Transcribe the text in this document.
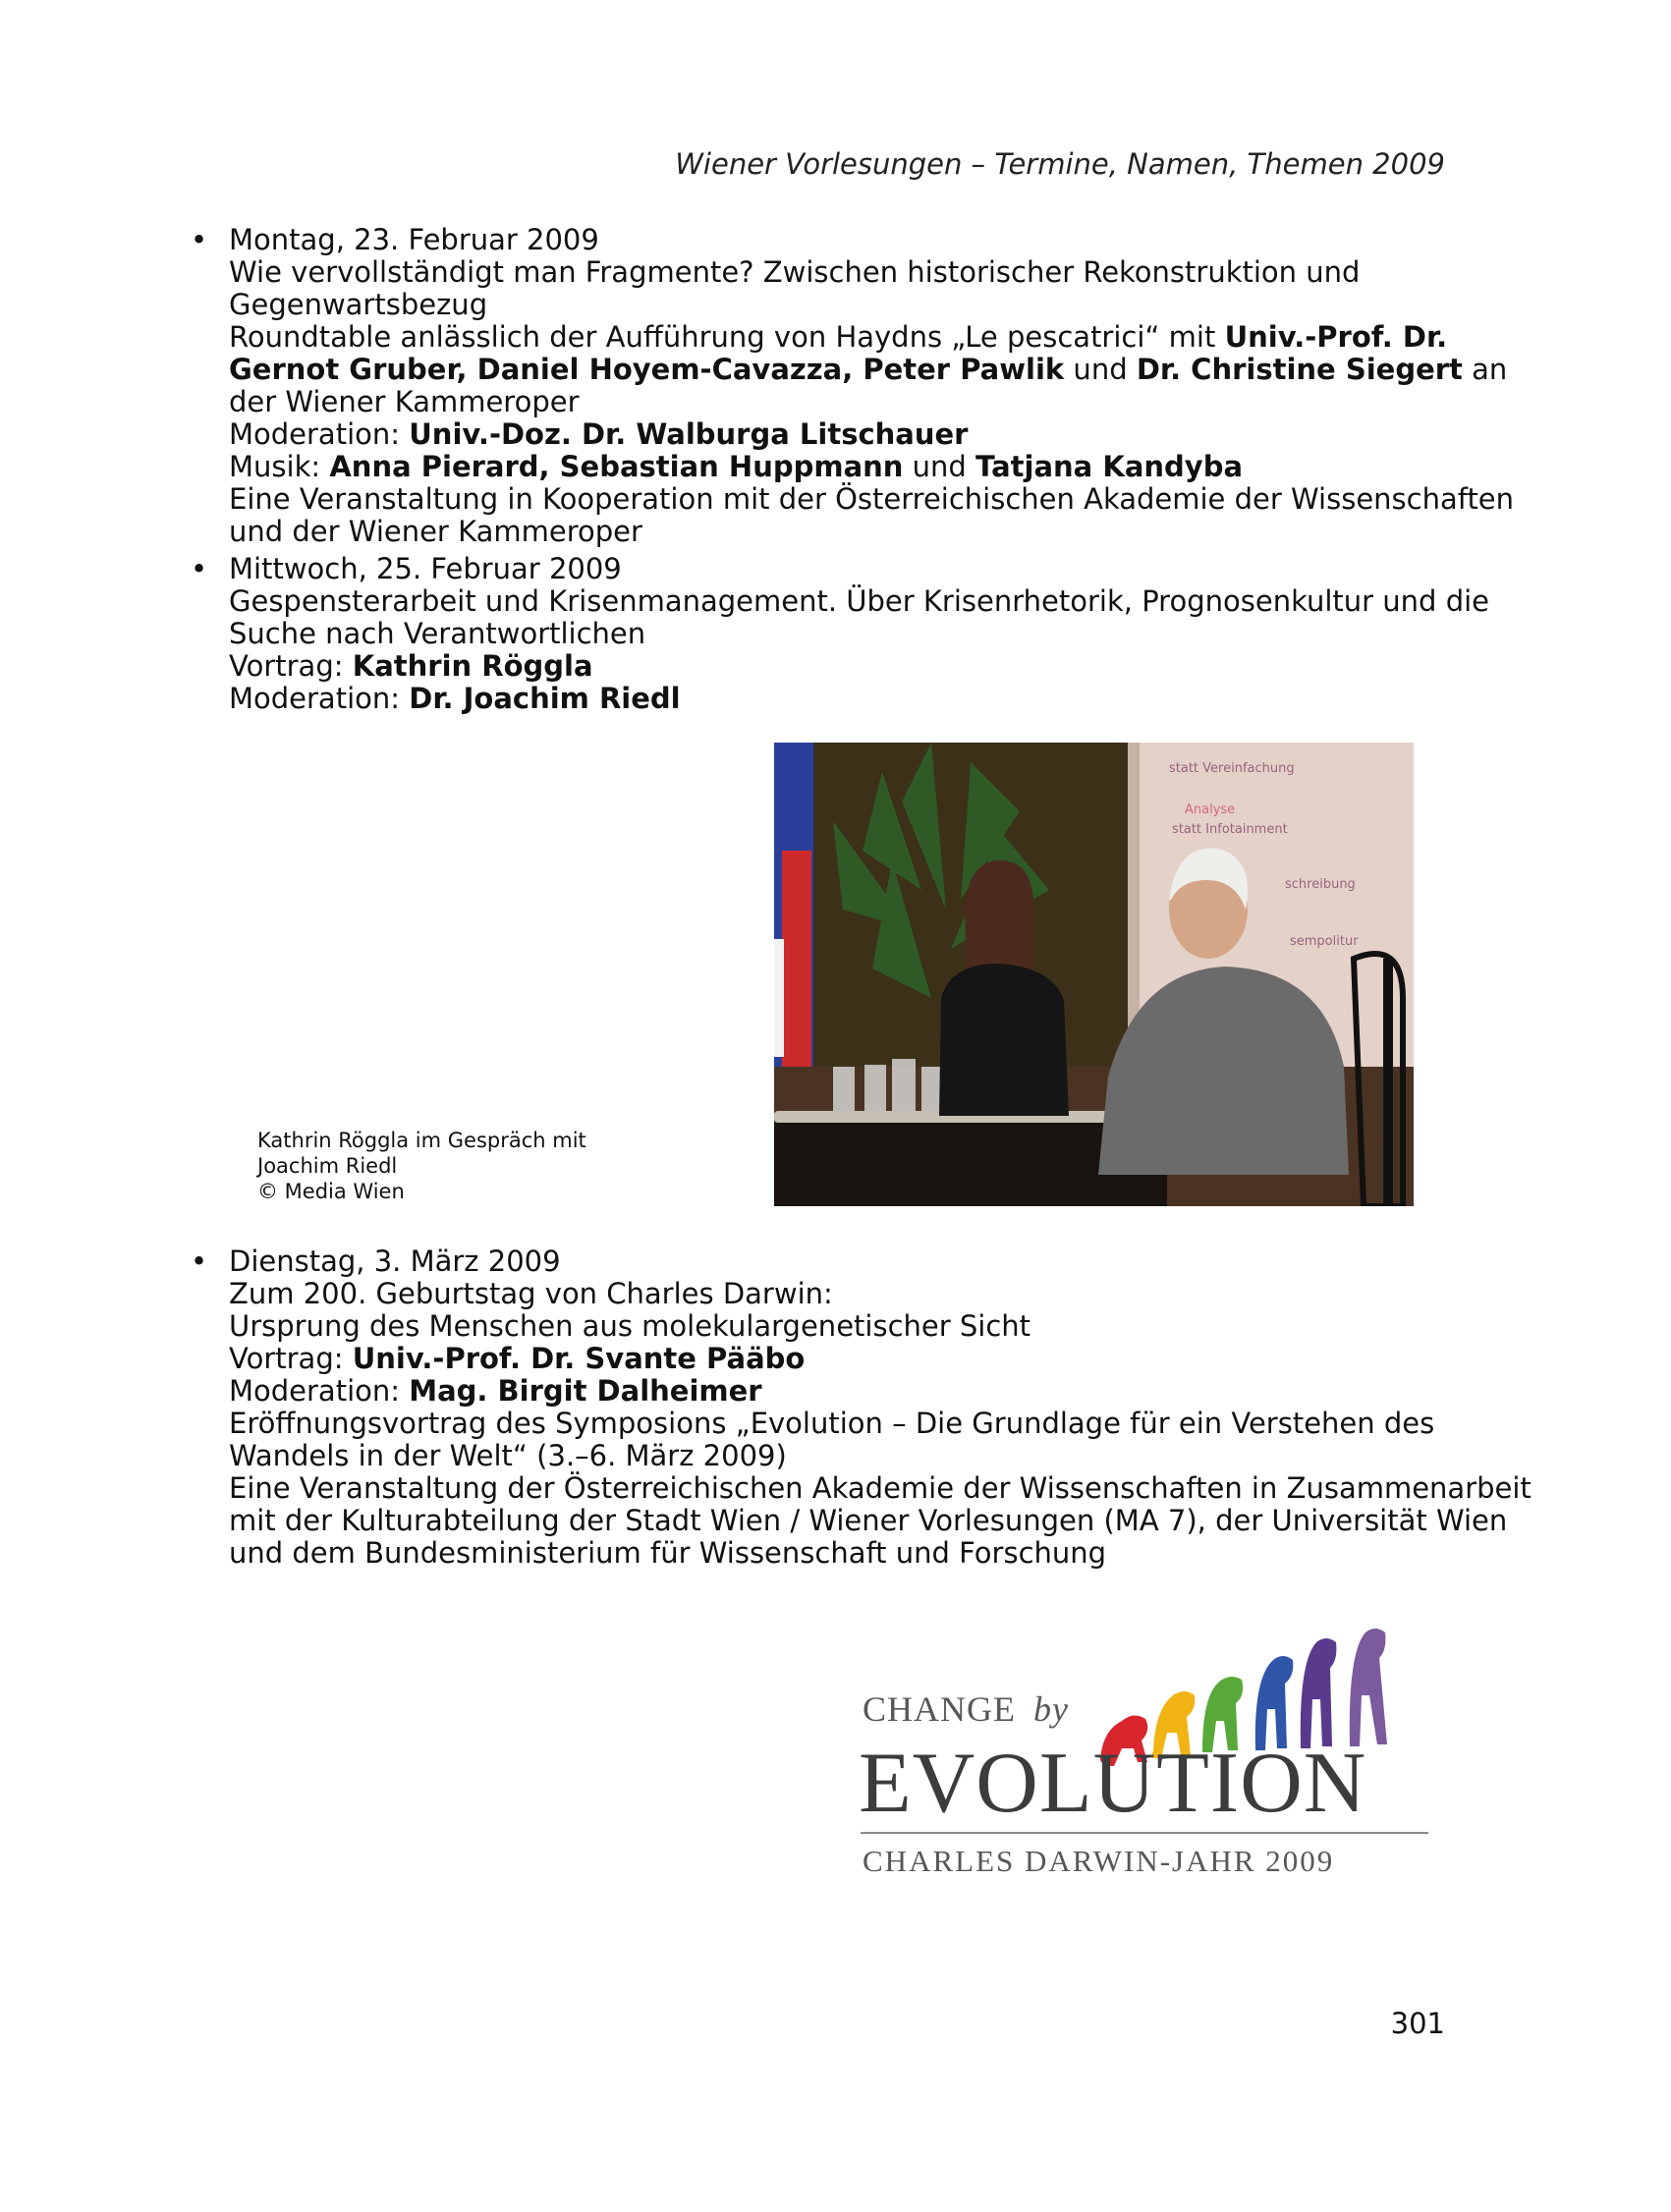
Wiener Vorlesungen – Termine, Namen, Themen 2009
• Montag, 23. Februar 2009
Wie vervollständigt man Fragmente? Zwischen historischer Rekonstruktion und
Gegenwartsbezug
Roundtable anlässlich der Aufführung von Haydns „Le pescatrici“ mit Univ.-Prof. Dr.
Gernot Gruber, Daniel Hoyem-Cavazza, Peter Pawlik und Dr. Christine Siegert an
der Wiener Kammeroper
Moderation: Univ.-Doz. Dr. Walburga Litschauer
Musik: Anna Pierard, Sebastian Huppmann und Tatjana Kandyba
Eine Veranstaltung in Kooperation mit der Österreichischen Akademie der Wissenschaften
und der Wiener Kammeroper
• Mittwoch, 25. Februar 2009
Gespensterarbeit und Krisenmanagement. Über Krisenrhetorik, Prognosenkultur und die
Suche nach Verantwortlichen
Vortrag: Kathrin Röggla
Moderation: Dr. Joachim Riedl
Kathrin Röggla im Gespräch mit
Joachim Riedl
© Media Wien
statt Vereinfachung
Analyse
statt Infotainment
schreibung
sempolitur
• Dienstag, 3. März 2009
Zum 200. Geburtstag von Charles Darwin:
Ursprung des Menschen aus molekulargenetischer Sicht
Vortrag: Univ.-Prof. Dr. Svante Pääbo
Moderation: Mag. Birgit Dalheimer
Eröffnungsvortrag des Symposions „Evolution – Die Grundlage für ein Verstehen des
Wandels in der Welt“ (3.–6. März 2009)
Eine Veranstaltung der Österreichischen Akademie der Wissenschaften in Zusammenarbeit
mit der Kulturabteilung der Stadt Wien / Wiener Vorlesungen (MA 7), der Universität Wien
und dem Bundesministerium für Wissenschaft und Forschung
CHANGE by
EVOLUTION
CHARLES DARWIN-JAHR 2009
301
